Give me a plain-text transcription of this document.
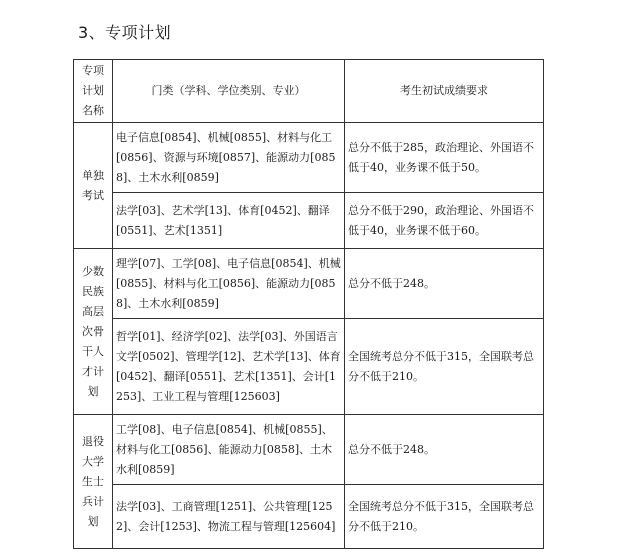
3、专项计划
专项计划名称	门类（学科、学位类别、专业）	考生初试成绩要求
单独考试	电子信息[0854]、机械[0855]、材料与化工[0856]、资源与环境[0857]、能源动力[0858]、土木水利[0859]	总分不低于285，政治理论、外国语不低于40，业务课不低于50。
	法学[03]、艺术学[13]、体育[0452]、翻译[0551]、艺术[1351]	总分不低于290，政治理论、外国语不低于40，业务课不低于60。
少数民族高层次骨干人才计划	理学[07]、工学[08]、电子信息[0854]、机械[0855]、材料与化工[0856]、能源动力[0858]、土木水利[0859]	总分不低于248。
	哲学[01]、经济学[02]、法学[03]、外国语言文学[0502]、管理学[12]、艺术学[13]、体育[0452]、翻译[0551]、艺术[1351]、会计[1253]、工业工程与管理[125603]	全国统考总分不低于315，全国联考总分不低于210。
退役大学生士兵计划	工学[08]、电子信息[0854]、机械[0855]、材料与化工[0856]、能源动力[0858]、土木水利[0859]	总分不低于248。
	法学[03]、工商管理[1251]、公共管理[1252]、会计[1253]、物流工程与管理[125604]	全国统考总分不低于315，全国联考总分不低于210。
